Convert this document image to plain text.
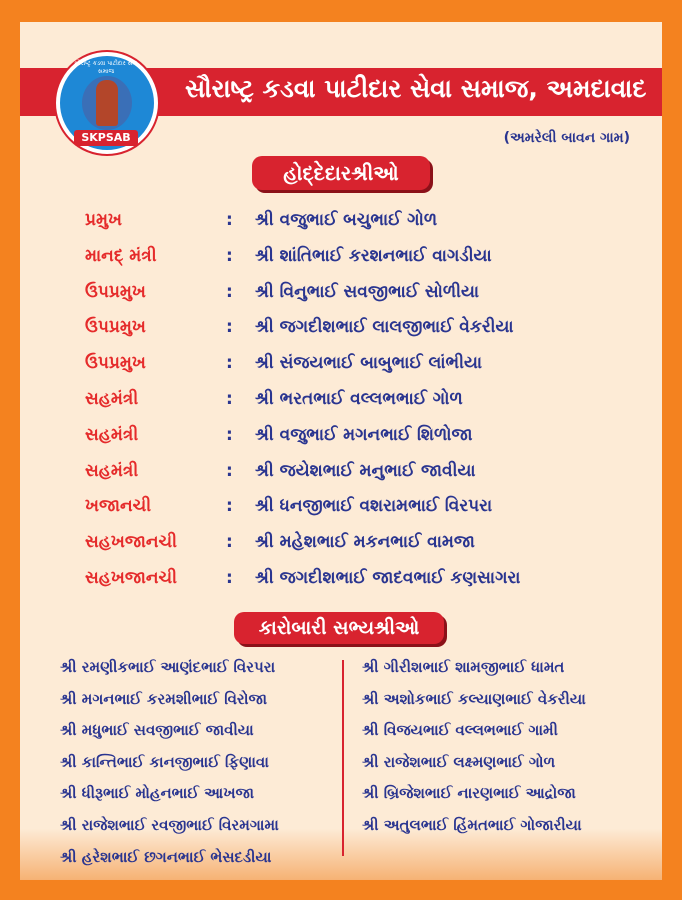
સૌરાષ્ટ્ર કડવા પાટીદાર સેવા સમાજ, અમદાવાદ
સૌરાષ્ટ્ર કડવા પાટીદાર સેવા સમાજ
SKPSAB	(અમરેલી બાવન ગામ)
હોદ્દેદારશ્રીઓ
પ્રમુખ	: શ્રી વજુભાઈ બચુભાઈ ગોળ
માનદ્ મંત્રી	: શ્રી શાંતિભાઈ કરશનભાઈ વાગડીયા
ઉપપ્રમુખ	: શ્રી વિનુભાઈ સવજીભાઈ સોળીયા
ઉપપ્રમુખ	: શ્રી જગદીશભાઈ લાલજીભાઈ વેકરીયા
ઉપપ્રમુખ	: શ્રી સંજયભાઈ બાબુભાઈ લાંભીયા
સહમંત્રી	: શ્રી ભરતભાઈ વલ્લભભાઈ ગોળ
સહમંત્રી	: શ્રી વજુભાઈ મગનભાઈ શિળોજા
સહમંત્રી	: શ્રી જયેશભાઈ મનુભાઈ જાવીયા
ખજાનચી	: શ્રી ધનજીભાઈ વશરામભાઈ વિરપરા
સહખજાનચી	: શ્રી મહેશભાઈ મકનભાઈ વામજા
સહખજાનચી	: શ્રી જગદીશભાઈ જાદવભાઈ કણસાગરા
કારોબારી સભ્યશ્રીઓ
શ્રી રમણીકભાઈ આણંદભાઈ વિરપરા
શ્રી મગનભાઈ કરમશીભાઈ વિરોજા
શ્રી મધુભાઈ સવજીભાઈ જાવીયા
શ્રી કાન્તિભાઈ કાનજીભાઈ ફિણાવા
શ્રી ધીરૂભાઈ મોહનભાઈ આખજા
શ્રી રાજેશભાઈ રવજીભાઈ વિરમગામા
શ્રી હરેશભાઈ છગનભાઈ ભેસદડીયા
શ્રી ગીરીશભાઈ શામજીભાઈ ધામત
શ્રી અશોકભાઈ કલ્યાણભાઈ વેકરીયા
શ્રી વિજયભાઈ વલ્લભભાઈ ગામી
શ્રી રાજેશભાઈ લક્ષ્મણભાઈ ગોળ
શ્રી બ્રિજેશભાઈ નારણભાઈ આદ્રોજા
શ્રી અતુલભાઈ હિંમતભાઈ ગોજારીયા
